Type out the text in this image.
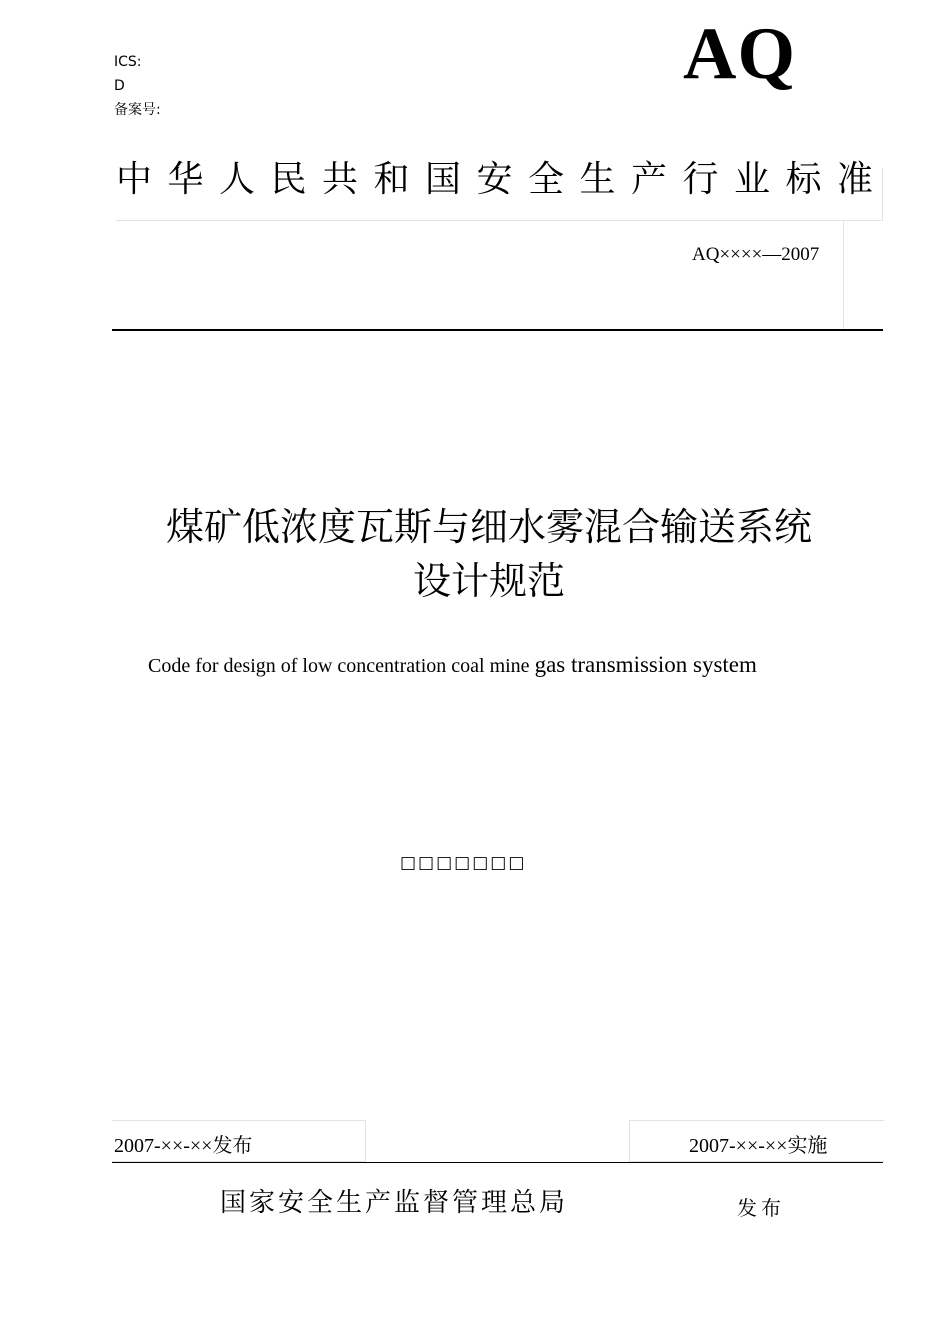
ICS:
D
备案号:
AQ
中华人民共和国安全生产行业标准
AQ××××—2007
煤矿低浓度瓦斯与细水雾混合输送系统
设计规范
Code for design of low concentration coal mine gas transmission system
□□□□□□□
2007-××-××发布	2007-××-××实施
国家安全生产监督管理总局	发布
